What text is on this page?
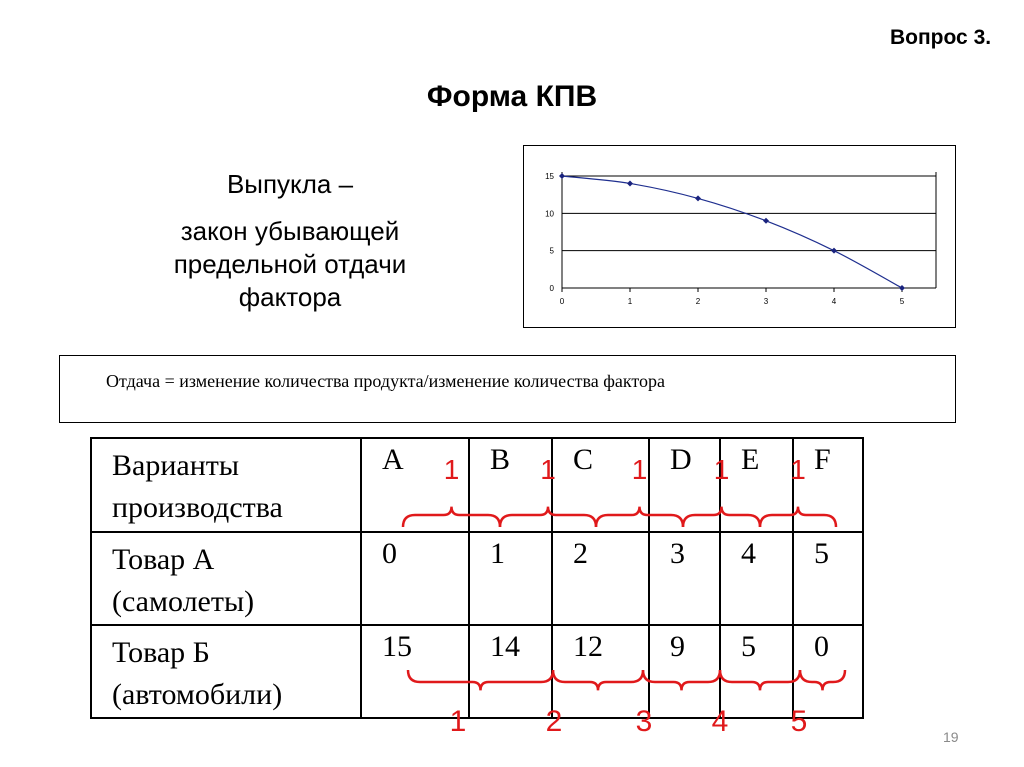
Вопрос 3.
Форма КПВ
Выпукла –
закон убывающей
предельной отдачи
фактора	0
5
10
15
0	1	2	3	4	5
Отдача = изменение количества продукта/изменение количества фактора
Варианты
производства	A	B	C	D	E	F

Товар А
(самолеты)	0	1	2	3	4	5

Товар Б
(автомобили)	15	14	12	9	5	0
1	1	1 1 1
1	2 3 4 5	19
